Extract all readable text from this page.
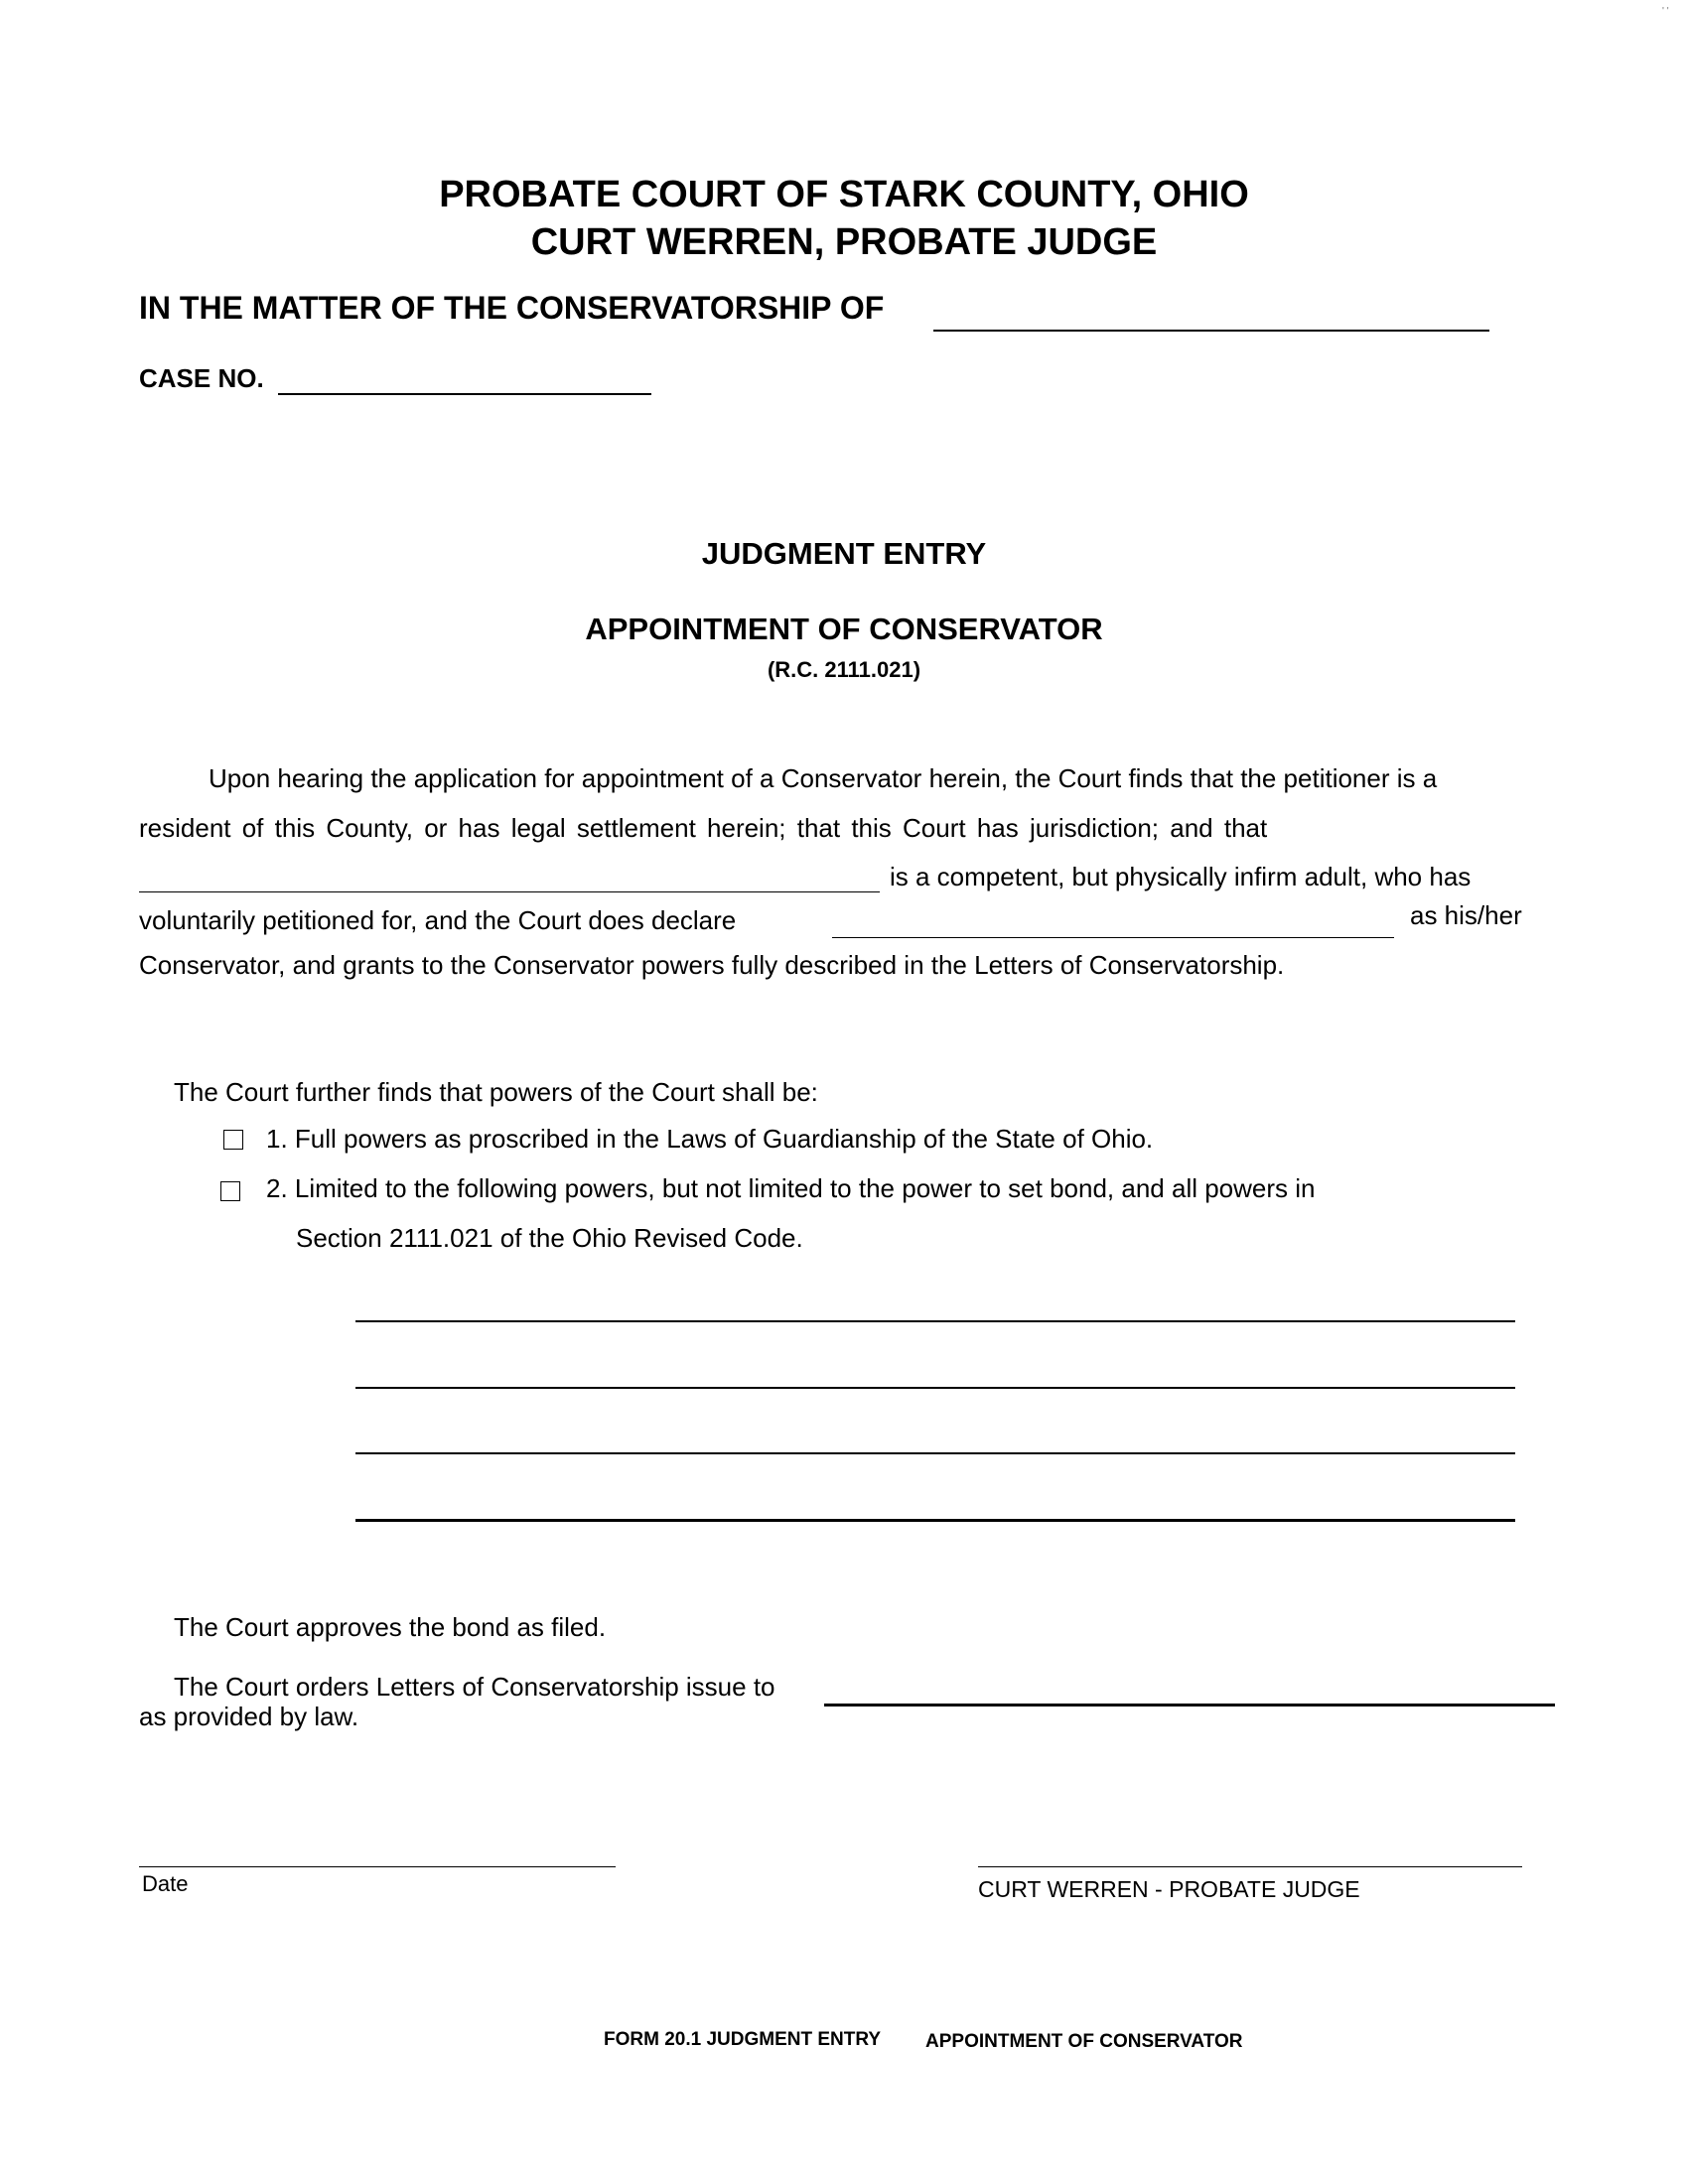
' '
PROBATE COURT OF STARK COUNTY, OHIO
CURT WERREN, PROBATE JUDGE
IN THE MATTER OF THE CONSERVATORSHIP OF
CASE NO.
JUDGMENT ENTRY
APPOINTMENT OF CONSERVATOR
(R.C. 2111.021)
Upon hearing the application for appointment of a Conservator herein, the Court finds that the petitioner is a
resident of this County, or has legal settlement herein; that this Court has jurisdiction; and that
is a competent, but physically infirm adult, who has
voluntarily petitioned for, and the Court does declare	as his/her
Conservator, and grants to the Conservator powers fully described in the Letters of Conservatorship.
The Court further finds that powers of the Court shall be:
1. Full powers as proscribed in the Laws of Guardianship of the State of Ohio.
2. Limited to the following powers, but not limited to the power to set bond, and all powers in
Section 2111.021 of the Ohio Revised Code.
The Court approves the bond as filed.
The Court orders Letters of Conservatorship issue to
as provided by law.
Date	CURT WERREN - PROBATE JUDGE
FORM 20.1 JUDGMENT ENTRY APPOINTMENT OF CONSERVATOR
